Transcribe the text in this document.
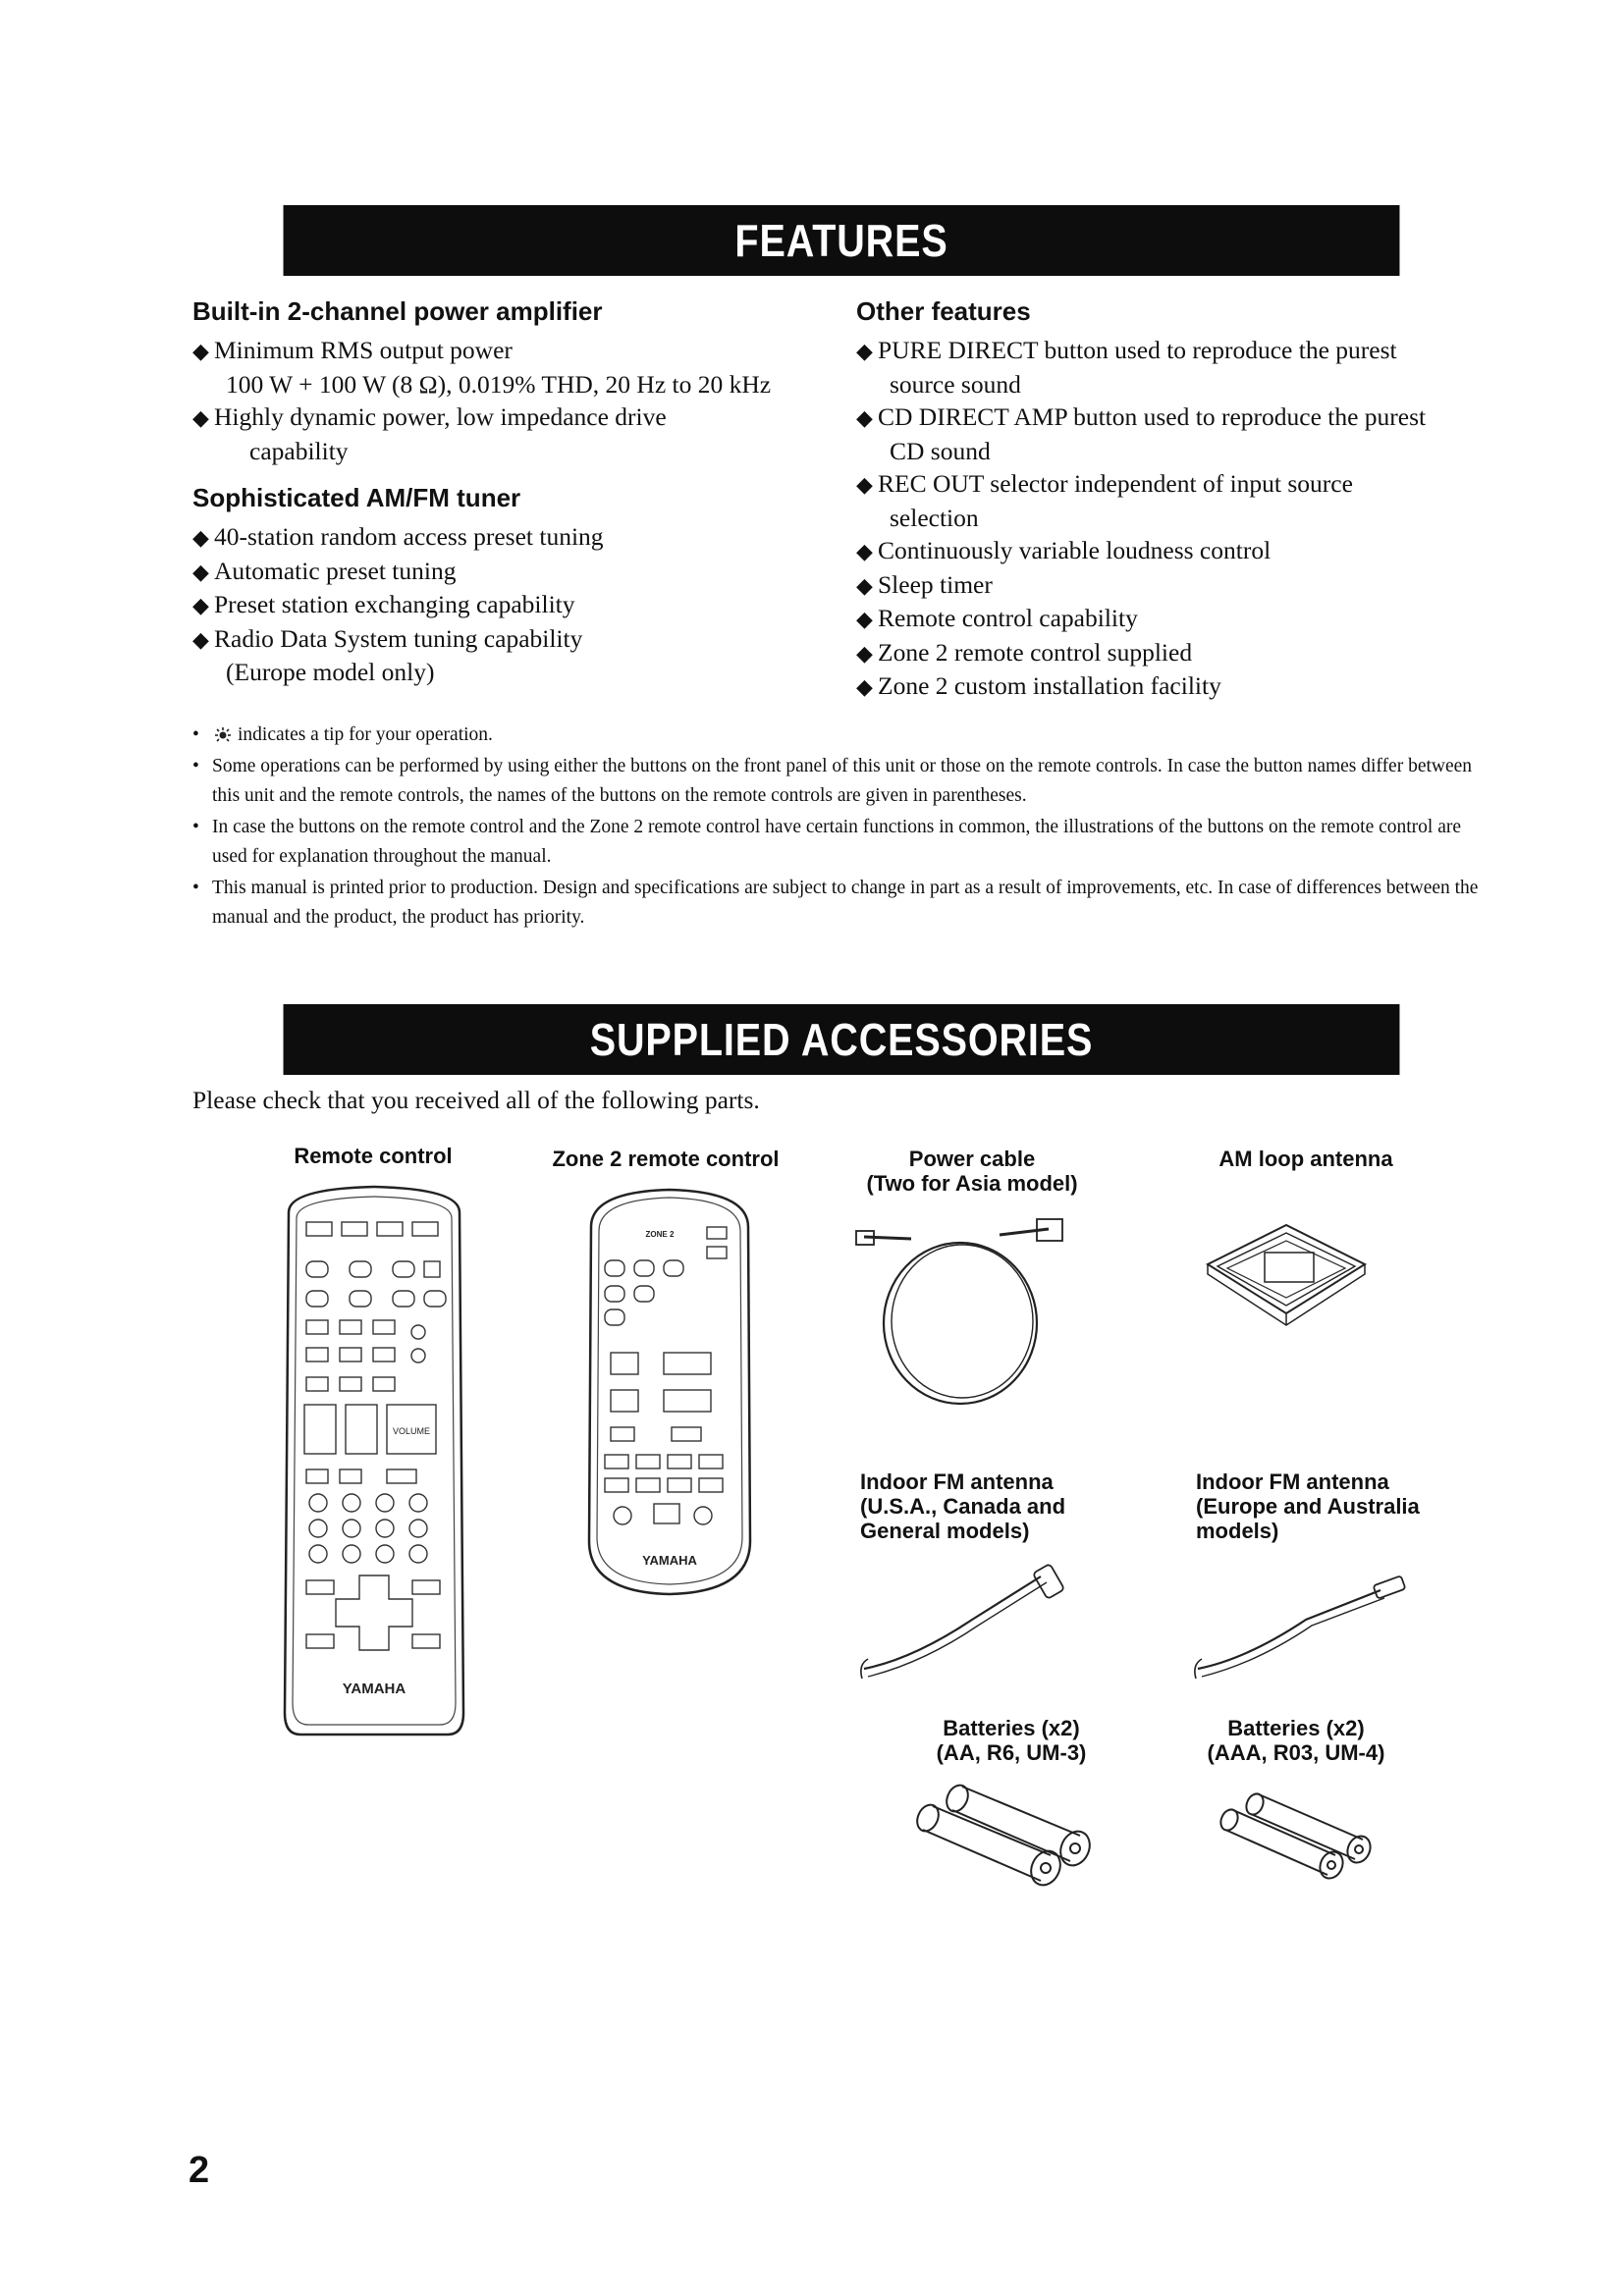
FEATURES
Built-in 2-channel power amplifier
◆ Minimum RMS output power
100 W + 100 W (8 Ω), 0.019% THD, 20 Hz to 20 kHz
◆ Highly dynamic power, low impedance drive
capability
Sophisticated AM/FM tuner
◆ 40-station random access preset tuning
◆ Automatic preset tuning
◆ Preset station exchanging capability
◆ Radio Data System tuning capability
(Europe model only)
Other features
◆ PURE DIRECT button used to reproduce the purest
source sound
◆ CD DIRECT AMP button used to reproduce the purest
CD sound
◆ REC OUT selector independent of input source
selection
◆ Continuously variable loudness control
◆ Sleep timer
◆ Remote control capability
◆ Zone 2 remote control supplied
◆ Zone 2 custom installation facility
• indicates a tip for your operation.
• Some operations can be performed by using either the buttons on the front panel of this unit or those on the remote controls. In case the button names differ between this unit and the remote controls, the names of the buttons on the remote controls are given in parentheses.
• In case the buttons on the remote control and the Zone 2 remote control have certain functions in common, the illustrations of the buttons on the remote control are used for explanation throughout the manual.
• This manual is printed prior to production. Design and specifications are subject to change in part as a result of improvements, etc. In case of differences between the manual and the product, the product has priority.
SUPPLIED ACCESSORIES
Please check that you received all of the following parts.
Remote control	Zone 2 remote control	Power cable
(Two for Asia model)
AM loop antenna
Indoor FM antenna
(U.S.A., Canada and
General models)
Indoor FM antenna
(Europe and Australia
models)
Batteries (x2)
(AA, R6, UM-3)
Batteries (x2)
(AAA, R03, UM-4)
YAMAHA
VOLUME
ZONE 2
YAMAHA
2
